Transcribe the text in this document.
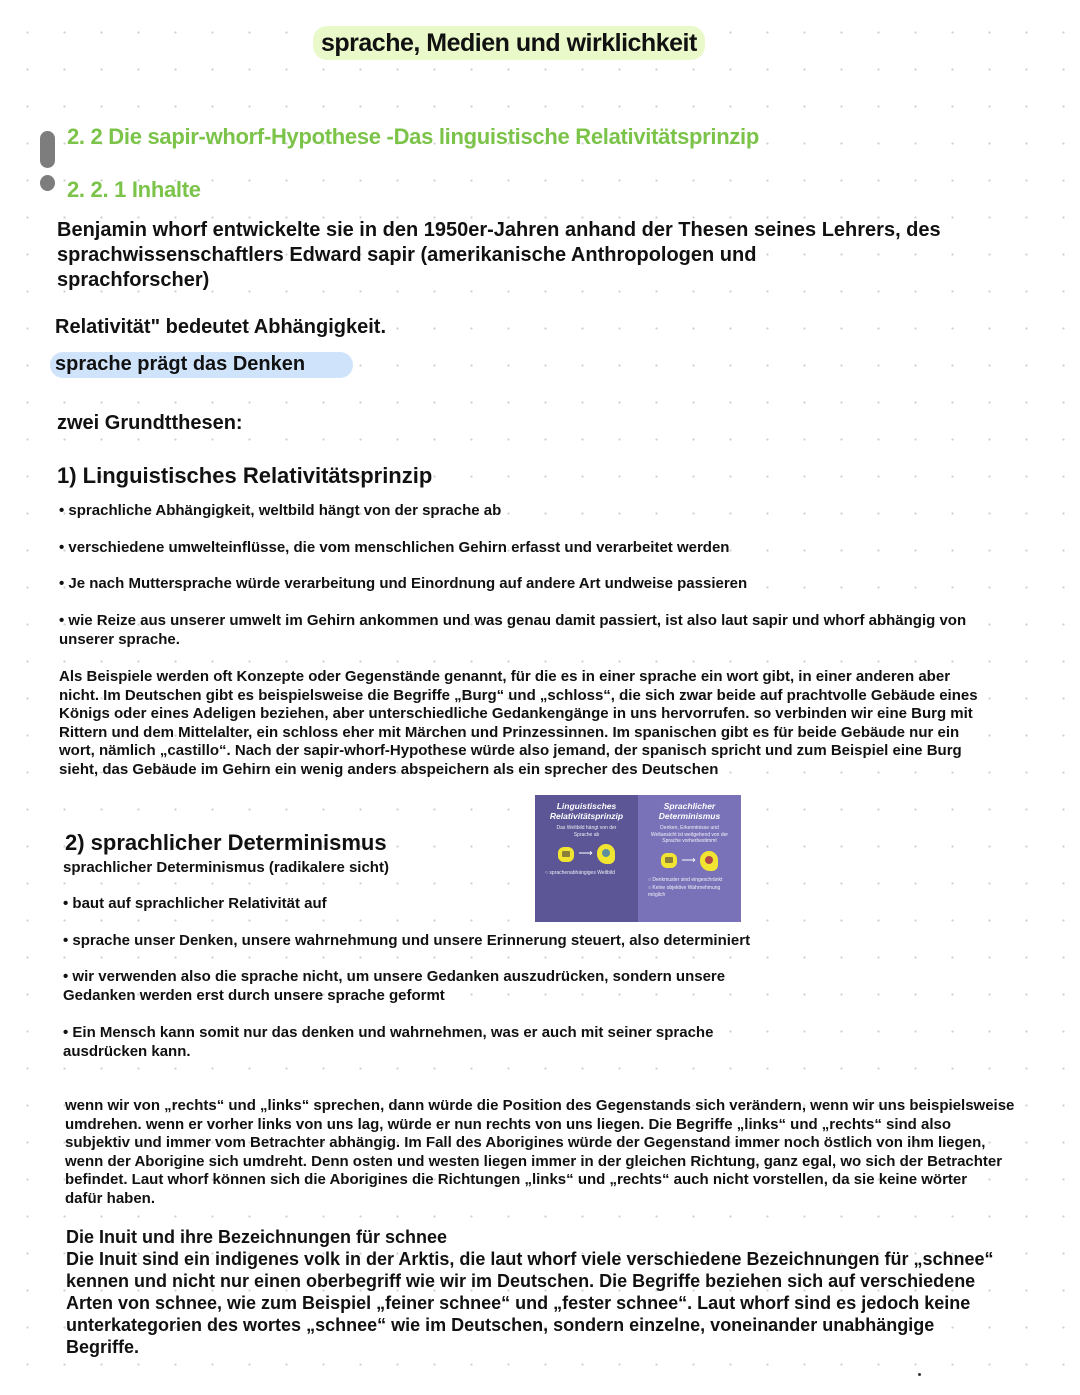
sprache, Medien und wirklichkeit
2. 2 Die sapir-whorf-Hypothese -Das linguistische Relativitätsprinzip
2. 2. 1 Inhalte
Benjamin whorf entwickelte sie in den 1950er-Jahren anhand der Thesen seines Lehrers, des
sprachwissenschaftlers Edward sapir (amerikanische Anthropologen und
sprachforscher)
Relativität" bedeutet Abhängigkeit.
sprache prägt das Denken
zwei Grundtthesen:
1) Linguistisches Relativitätsprinzip
• sprachliche Abhängigkeit, weltbild hängt von der sprache ab
• verschiedene umwelteinflüsse, die vom menschlichen Gehirn erfasst und verarbeitet werden
• Je nach Muttersprache würde verarbeitung und Einordnung auf andere Art undweise passieren
• wie Reize aus unserer umwelt im Gehirn ankommen und was genau damit passiert, ist also laut sapir und whorf abhängig von
unserer sprache.
Als Beispiele werden oft Konzepte oder Gegenstände genannt, für die es in einer sprache ein wort gibt, in einer anderen aber
nicht. Im Deutschen gibt es beispielsweise die Begriffe „Burg“ und „schloss“, die sich zwar beide auf prachtvolle Gebäude eines
Königs oder eines Adeligen beziehen, aber unterschiedliche Gedankengänge in uns hervorrufen. so verbinden wir eine Burg mit
Rittern und dem Mittelalter, ein schloss eher mit Märchen und Prinzessinnen. Im spanischen gibt es für beide Gebäude nur ein
wort, nämlich „castillo“. Nach der sapir-whorf-Hypothese würde also jemand, der spanisch spricht und zum Beispiel eine Burg
sieht, das Gebäude im Gehirn ein wenig anders abspeichern als ein sprecher des Deutschen
Linguistisches
Relativitätsprinzip
Das Weltbild hängt von der
Sprache ab
⟶
○ sprachenabhängiges Weltbild
Sprachlicher
Determinismus
Denken, Erkenntnisse und
Weltansicht ist weitgehend von der
Sprache vorherbestimmt
⟶
○ Denkmuster sind eingeschränkt
○ Keine objektive Wahrnehmung möglich
2) sprachlicher Determinismus
sprachlicher Determinismus (radikalere sicht)
• baut auf sprachlicher Relativität auf
• sprache unser Denken, unsere wahrnehmung und unsere Erinnerung steuert, also determiniert
• wir verwenden also die sprache nicht, um unsere Gedanken auszudrücken, sondern unsere
Gedanken werden erst durch unsere sprache geformt
• Ein Mensch kann somit nur das denken und wahrnehmen, was er auch mit seiner sprache
ausdrücken kann.
wenn wir von „rechts“ und „links“ sprechen, dann würde die Position des Gegenstands sich verändern, wenn wir uns beispielsweise
umdrehen. wenn er vorher links von uns lag, würde er nun rechts von uns liegen. Die Begriffe „links“ und „rechts“ sind also
subjektiv und immer vom Betrachter abhängig. Im Fall des Aborigines würde der Gegenstand immer noch östlich von ihm liegen,
wenn der Aborigine sich umdreht. Denn osten und westen liegen immer in der gleichen Richtung, ganz egal, wo sich der Betrachter
befindet. Laut whorf können sich die Aborigines die Richtungen „links“ und „rechts“ auch nicht vorstellen, da sie keine wörter
dafür haben.
Die Inuit und ihre Bezeichnungen für schnee
Die Inuit sind ein indigenes volk in der Arktis, die laut whorf viele verschiedene Bezeichnungen für „schnee“
kennen und nicht nur einen oberbegriff wie wir im Deutschen. Die Begriffe beziehen sich auf verschiedene
Arten von schnee, wie zum Beispiel „feiner schnee“ und „fester schnee“. Laut whorf sind es jedoch keine
unterkategorien des wortes „schnee“ wie im Deutschen, sondern einzelne, voneinander unabhängige
Begriffe.
